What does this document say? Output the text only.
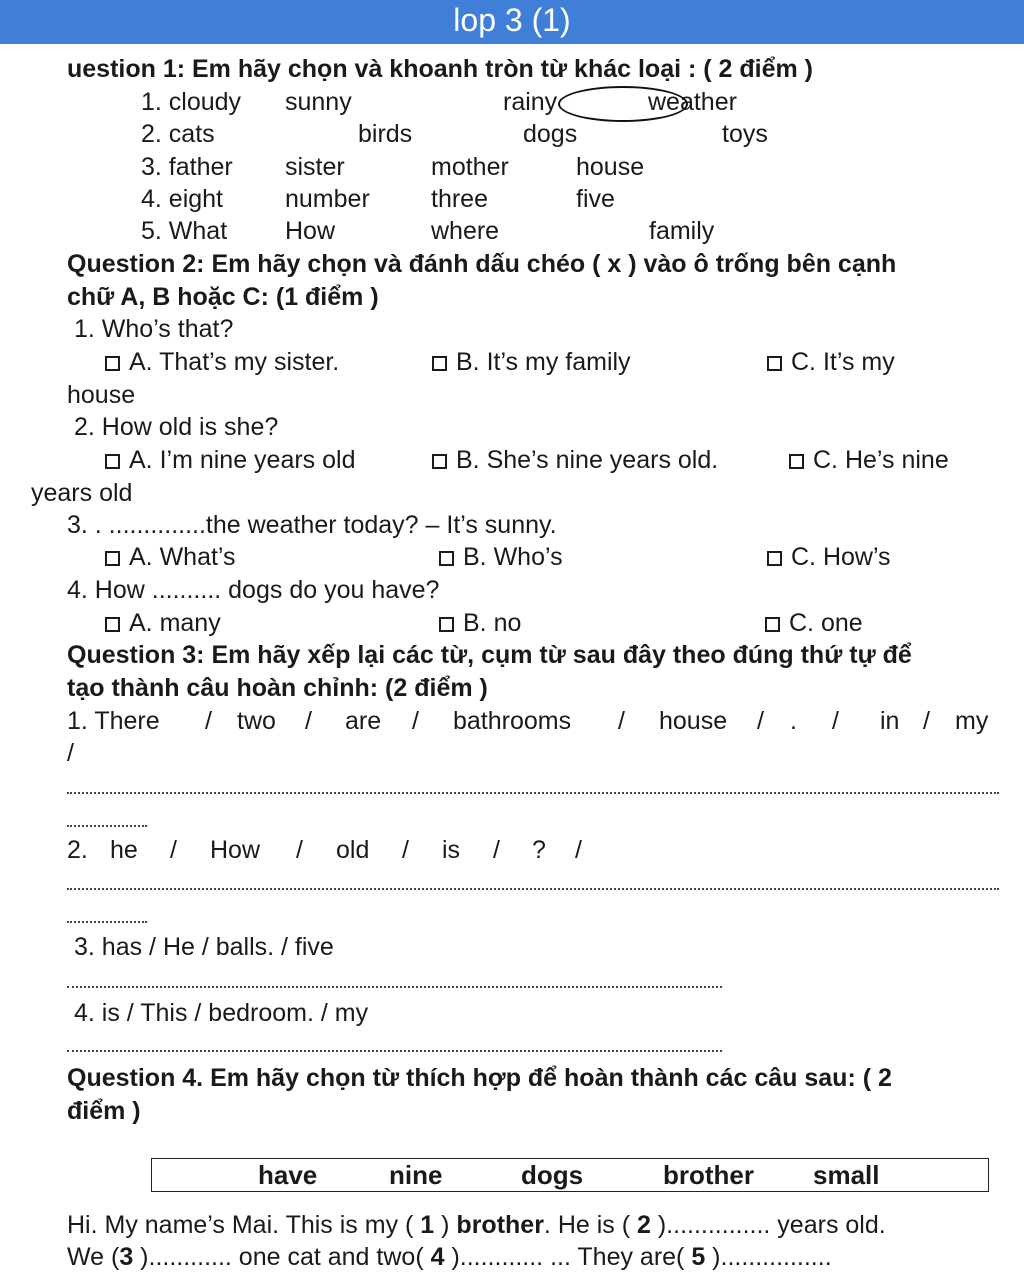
lop 3 (1)
uestion 1: Em hãy chọn và khoanh tròn từ khác loại : ( 2 điểm )
1. cloudy sunny	rainy	weather
2. cats	birds	dogs	toys
3. father sister	mother	house
4. eight number three	five
5. What How	where	family
Question 2: Em hãy chọn và đánh dấu chéo ( x ) vào ô trống bên cạnh
chữ A, B hoặc C: (1 điểm )
1. Who’s that?
A. That’s my sister.	B. It’s my family	C. It’s my
house
2. How old is she?
A. I’m nine years old	B. She’s nine years old.	C. He’s nine
years old
3. . ..............the weather today? – It’s sunny.
A. What’s	B. Who’s	C. How’s
4. How .......... dogs do you have?
A. many	B. no	C. one
Question 3: Em hãy xếp lại các từ, cụm từ sau đây theo đúng thứ tự để
tạo thành câu hoàn chỉnh: (2 điểm )
1. There / two / are / bathrooms / house / . / in / my
/
2. he / How / old / is / ? /
3. has / He / balls. / five
4. is / This / bedroom. / my
Question 4. Em hãy chọn từ thích hợp để hoàn thành các câu sau: ( 2
điểm )
have	nine	dogs	brother small
Hi. My name’s Mai. This is my ( 1 ) brother. He is ( 2 )............... years old.
We (3 )............ one cat and two( 4 )............ ... They are( 5 )................
